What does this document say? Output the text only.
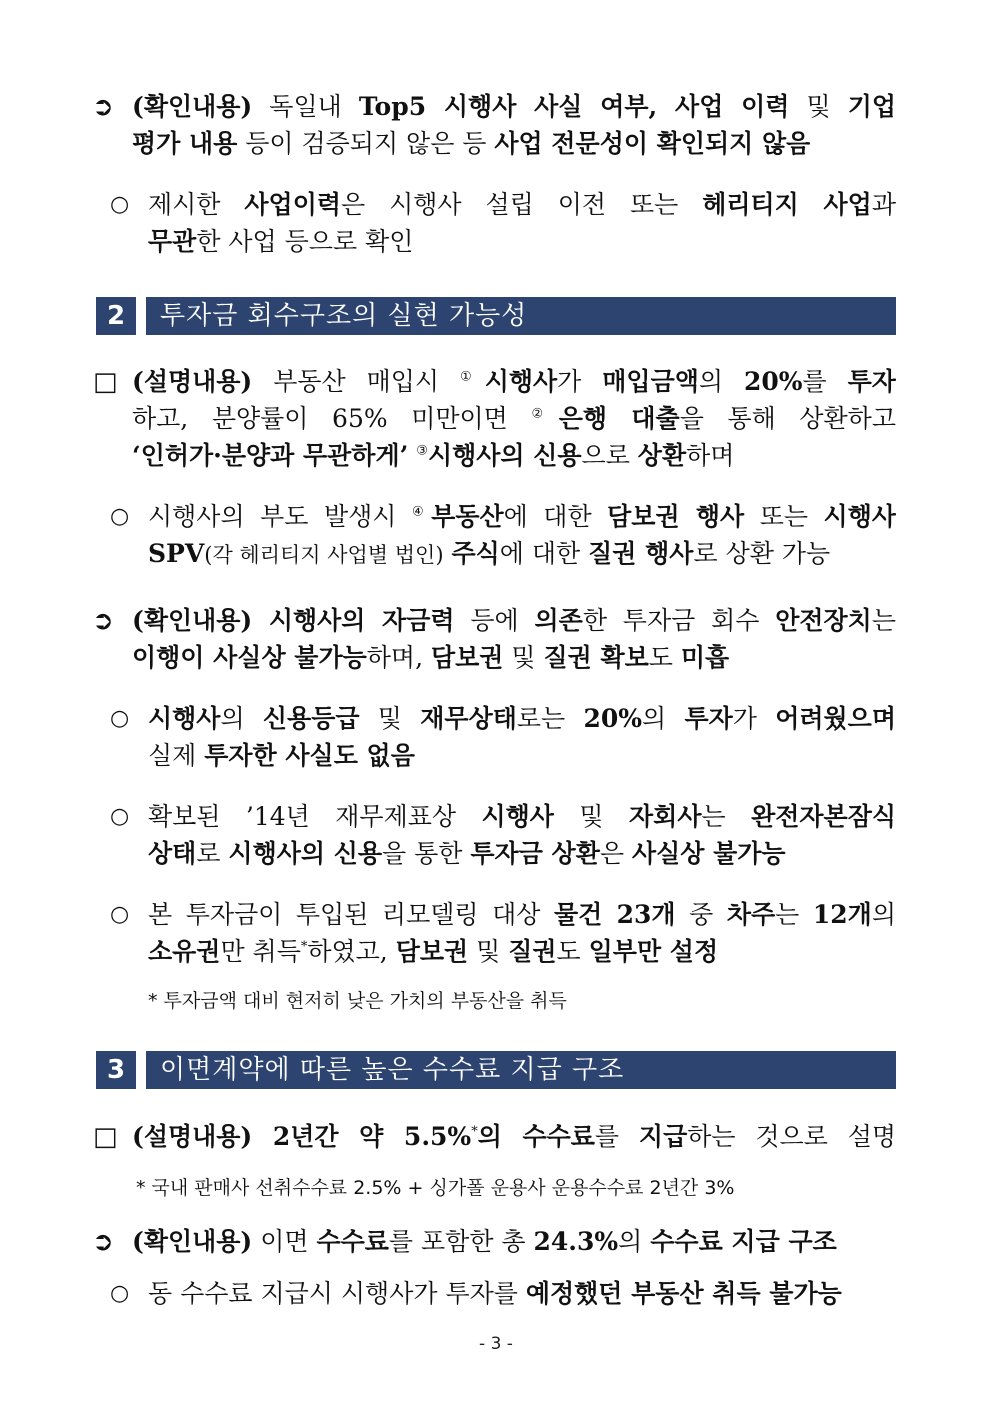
➲ (확인내용) 독일내 Top5 시행사 사실 여부, 사업 이력 및 기업
평가 내용 등이 검증되지 않은 등 사업 전문성이 확인되지 않음
○ 제시한 사업이력은 시행사 설립 이전 또는 헤리티지 사업과
무관한 사업 등으로 확인
2	투자금 회수구조의 실현 가능성
□ (설명내용) 부동산 매입시 ①시행사가 매입금액의 20%를 투자
하고, 분양률이 65% 미만이면 ②은행 대출을 통해 상환하고
‘인허가·분양과 무관하게’ ③시행사의 신용으로 상환하며
○ 시행사의 부도 발생시 ④부동산에 대한 담보권 행사 또는 시행사
SPV(각 헤리티지 사업별 법인) 주식에 대한 질권 행사로 상환 가능
➲ (확인내용) 시행사의 자금력 등에 의존한 투자금 회수 안전장치는
이행이 사실상 불가능하며, 담보권 및 질권 확보도 미흡
○ 시행사의 신용등급 및 재무상태로는 20%의 투자가 어려웠으며
실제 투자한 사실도 없음
○ 확보된 ’14년 재무제표상 시행사 및 자회사는 완전자본잠식
상태로 시행사의 신용을 통한 투자금 상환은 사실상 불가능
○ 본 투자금이 투입된 리모델링 대상 물건 23개 중 차주는 12개의
소유권만 취득*하였고, 담보권 및 질권도 일부만 설정
* 투자금액 대비 현저히 낮은 가치의 부동산을 취득
3	이면계약에 따른 높은 수수료 지급 구조
□ (설명내용) 2년간 약 5.5%*의 수수료를 지급하는 것으로 설명
* 국내 판매사 선취수수료 2.5% + 싱가폴 운용사 운용수수료 2년간 3%
➲ (확인내용) 이면 수수료를 포함한 총 24.3%의 수수료 지급 구조
○ 동 수수료 지급시 시행사가 투자를 예정했던 부동산 취득 불가능
- 3 -
